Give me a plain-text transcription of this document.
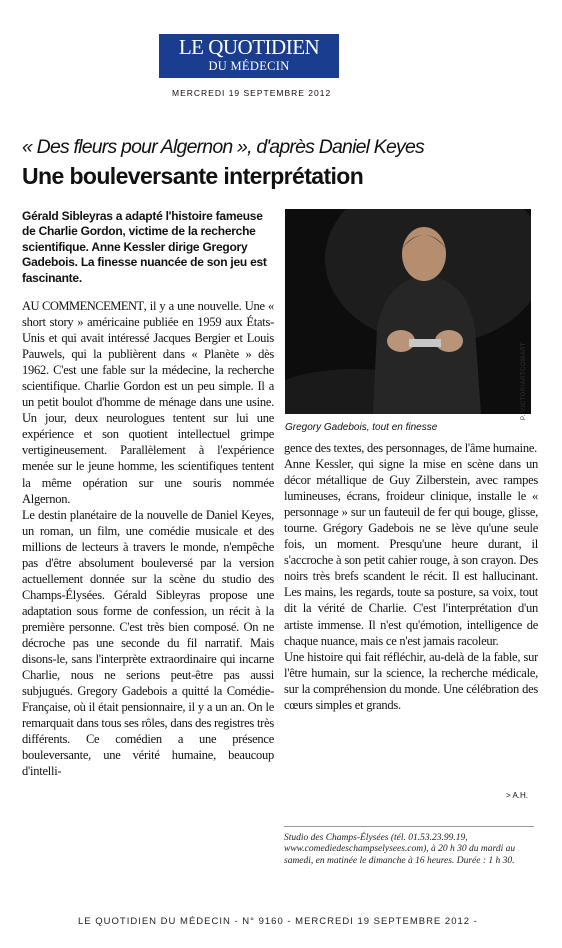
LE QUOTIDIEN
DU MÉDECIN
MERCREDI 19 SEPTEMBRE 2012
« Des fleurs pour Algernon », d'après Daniel Keyes
Une bouleversante interprétation

Gérald Sibleyras a adapté l'histoire fameuse de Charlie Gordon, victime de la recherche scientifique. Anne Kessler dirige Gregory Gadebois. La finesse nuancée de son jeu est fascinante.

AU COMMENCEMENT, il y a une nouvelle. Une « short story » américaine publiée en 1959 aux États-Unis et qui avait intéressé Jacques Bergier et Louis Pauwels, qui la publièrent dans « Planète » dès 1962. C'est une fable sur la médecine, la recherche scientifique. Charlie Gordon est un peu simple. Il a un petit boulot d'homme de ménage dans une usine. Un jour, deux neurologues tentent sur lui une expérience et son quotient intellectuel grimpe vertigineusement. Parallèlement à l'expérience menée sur le jeune homme, les scientifiques tentent la même opération sur une souris nommée Algernon.

Le destin planétaire de la nouvelle de Daniel Keyes, un roman, un film, une comédie musicale et des millions de lecteurs à travers le monde, n'empêche pas d'être absolument bouleversé par la version actuellement donnée sur la scène du studio des Champs-Élysées. Gérald Sibleyras propose une adaptation sous forme de confession, un récit à la première personne. C'est très bien composé. On ne décroche pas une seconde du fil narratif. Mais disons-le, sans l'interprète extraordinaire qui incarne Charlie, nous ne serions peut-être pas aussi subjugués. Gregory Gadebois a quitté la Comédie-Française, où il était pensionnaire, il y a un an. On le remarquait dans tous ses rôles, dans des registres très différents. Ce comédien a une présence bouleversante, une vérité humaine, beaucoup d'intelli-

P. VICTOR/ARTCOMART
Gregory Gadebois, tout en finesse

gence des textes, des personnages, de l'âme humaine.

Anne Kessler, qui signe la mise en scène dans un décor métallique de Guy Zilberstein, avec rampes lumineuses, écrans, froideur clinique, installe le « personnage » sur un fauteuil de fer qui bouge, glisse, tourne. Grégory Gadebois ne se lève qu'une seule fois, un moment. Presqu'une heure durant, il s'accroche à son petit cahier rouge, à son crayon. Des noirs très brefs scandent le récit. Il est hallucinant. Les mains, les regards, toute sa posture, sa voix, tout dit la vérité de Charlie. C'est l'interprétation d'un artiste immense. Il n'est qu'émotion, intelligence de chaque nuance, mais ce n'est jamais racoleur.

Une histoire qui fait réfléchir, au-delà de la fable, sur l'être humain, sur la science, la recherche médicale, sur la compréhension du monde. Une célébration des cœurs simples et grands.

> A.H.
Studio des Champs-Élysées (tél. 01.53.23.99.19, www.comediedeschampselysees.com), à 20 h 30 du mardi au samedi, en matinée le dimanche à 16 heures. Durée : 1 h 30.
LE QUOTIDIEN DU MÉDECIN - N° 9160 - MERCREDI 19 SEPTEMBRE 2012 -
